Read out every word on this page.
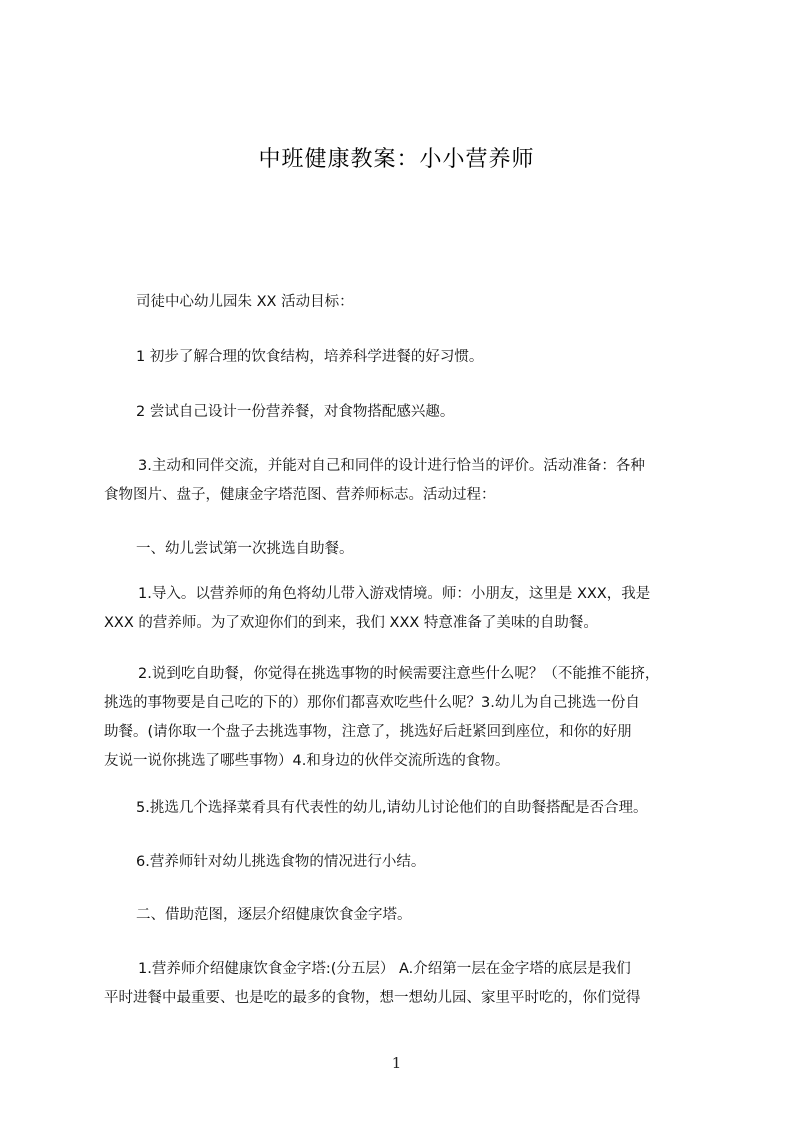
中班健康教案：小小营养师
司徒中心幼儿园朱 XX 活动目标：
1 初步了解合理的饮食结构，培养科学进餐的好习惯。
2 尝试自己设计一份营养餐，对食物搭配感兴趣。
3.主动和同伴交流，并能对自己和同伴的设计进行恰当的评价。活动准备：各种
食物图片、盘子，健康金字塔范图、营养师标志。活动过程：
一、幼儿尝试第一次挑选自助餐。
1.导入。以营养师的角色将幼儿带入游戏情境。师：小朋友，这里是 XXX，我是
XXX 的营养师。为了欢迎你们的到来，我们 XXX 特意准备了美味的自助餐。
2.说到吃自助餐，你觉得在挑选事物的时候需要注意些什么呢？（不能推不能挤，
挑选的事物要是自己吃的下的）那你们都喜欢吃些什么呢？3.幼儿为自己挑选一份自
助餐。(请你取一个盘子去挑选事物，注意了，挑选好后赶紧回到座位，和你的好朋
友说一说你挑选了哪些事物）4.和身边的伙伴交流所选的食物。
5.挑选几个选择菜肴具有代表性的幼儿,请幼儿讨论他们的自助餐搭配是否合理。
6.营养师针对幼儿挑选食物的情况进行小结。
二、借助范图，逐层介绍健康饮食金字塔。
1.营养师介绍健康饮食金字塔:(分五层） A.介绍第一层在金字塔的底层是我们
平时进餐中最重要、也是吃的最多的食物，想一想幼儿园、家里平时吃的，你们觉得
1
